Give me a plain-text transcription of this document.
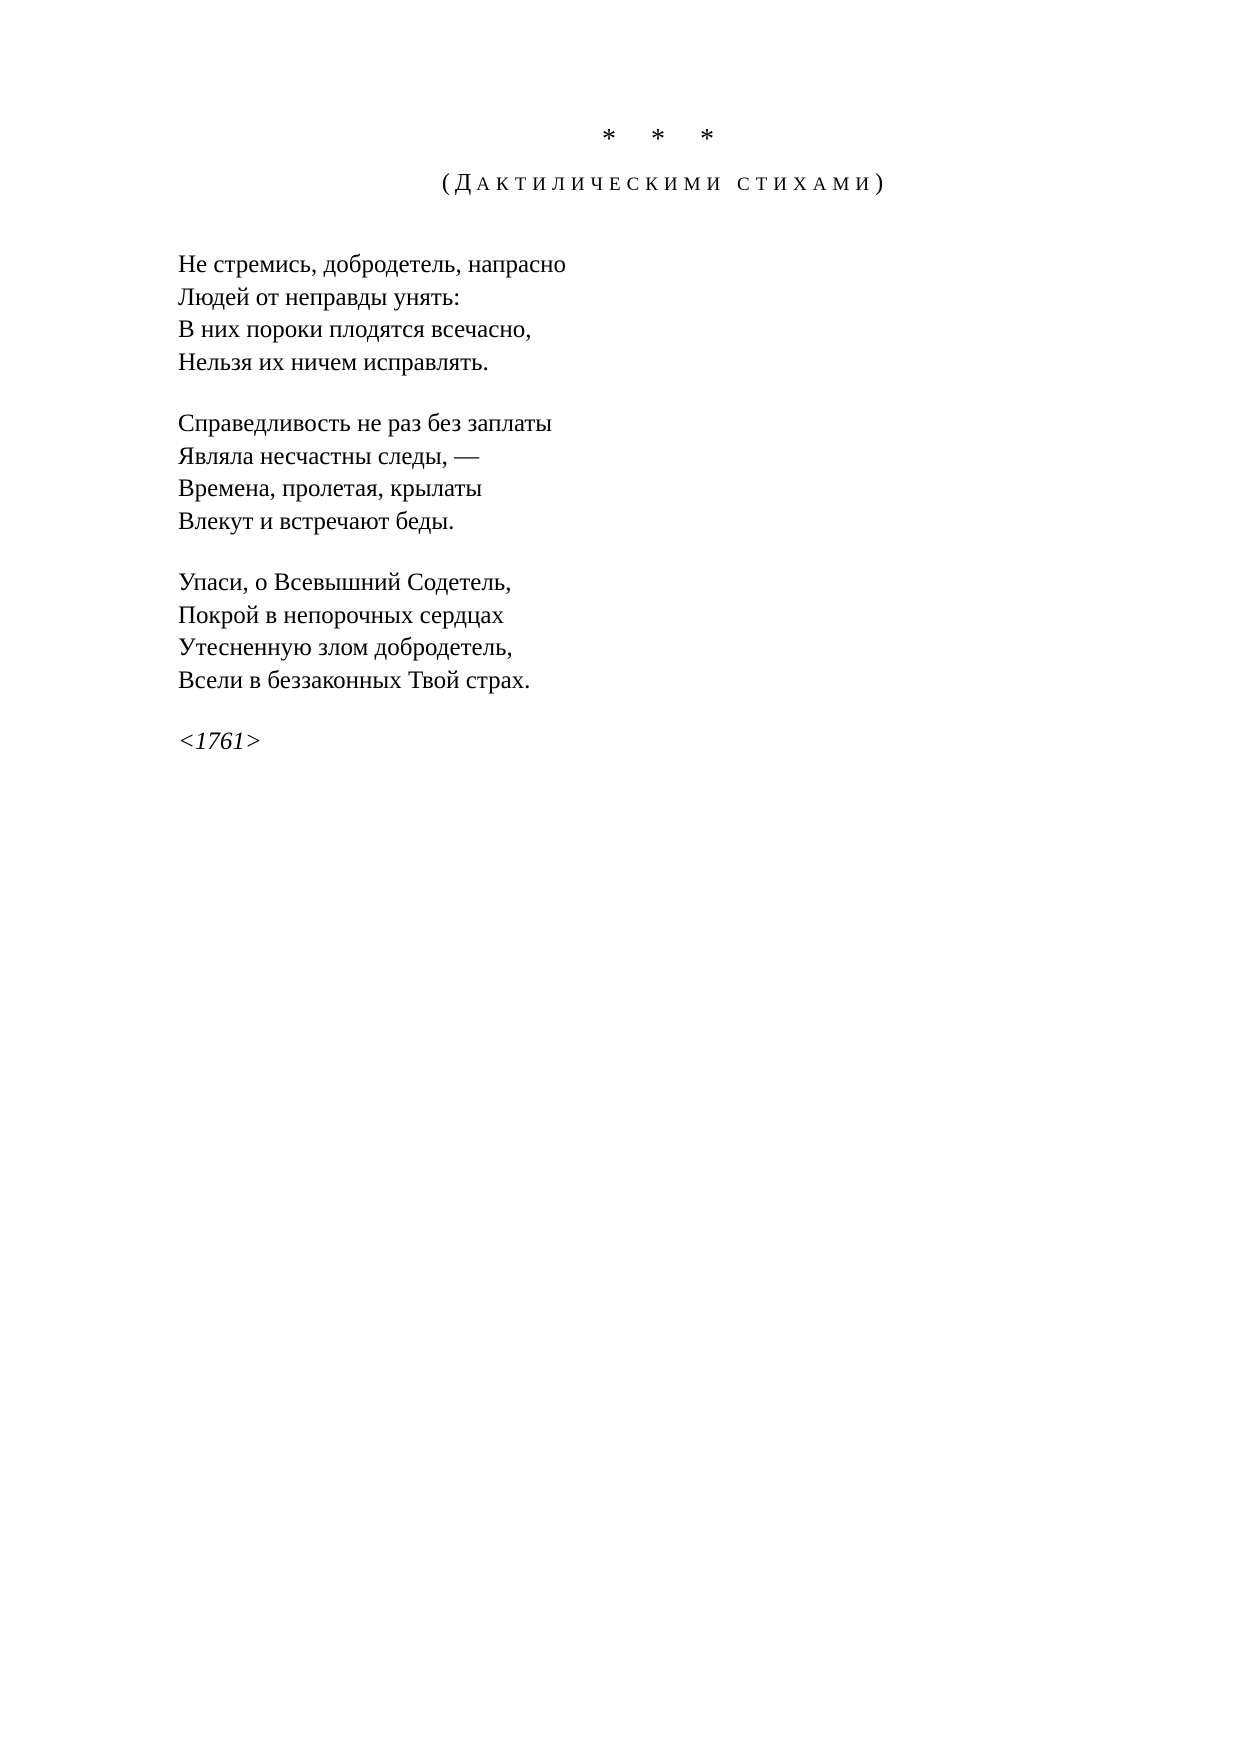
* * *
(ДАКТИЛИЧЕСКИМИ СТИХАМИ)
Не стремись, добродетель, напрасно
Людей от неправды унять:
В них пороки плодятся всечасно,
Нельзя их ничем исправлять.
Справедливость не раз без заплаты
Являла несчастны следы, —
Времена, пролетая, крылаты
Влекут и встречают беды.
Упаси, о Всевышний Содетель,
Покрой в непорочных сердцах
Утесненную злом добродетель,
Всели в беззаконных Твой страх.
<1761>
